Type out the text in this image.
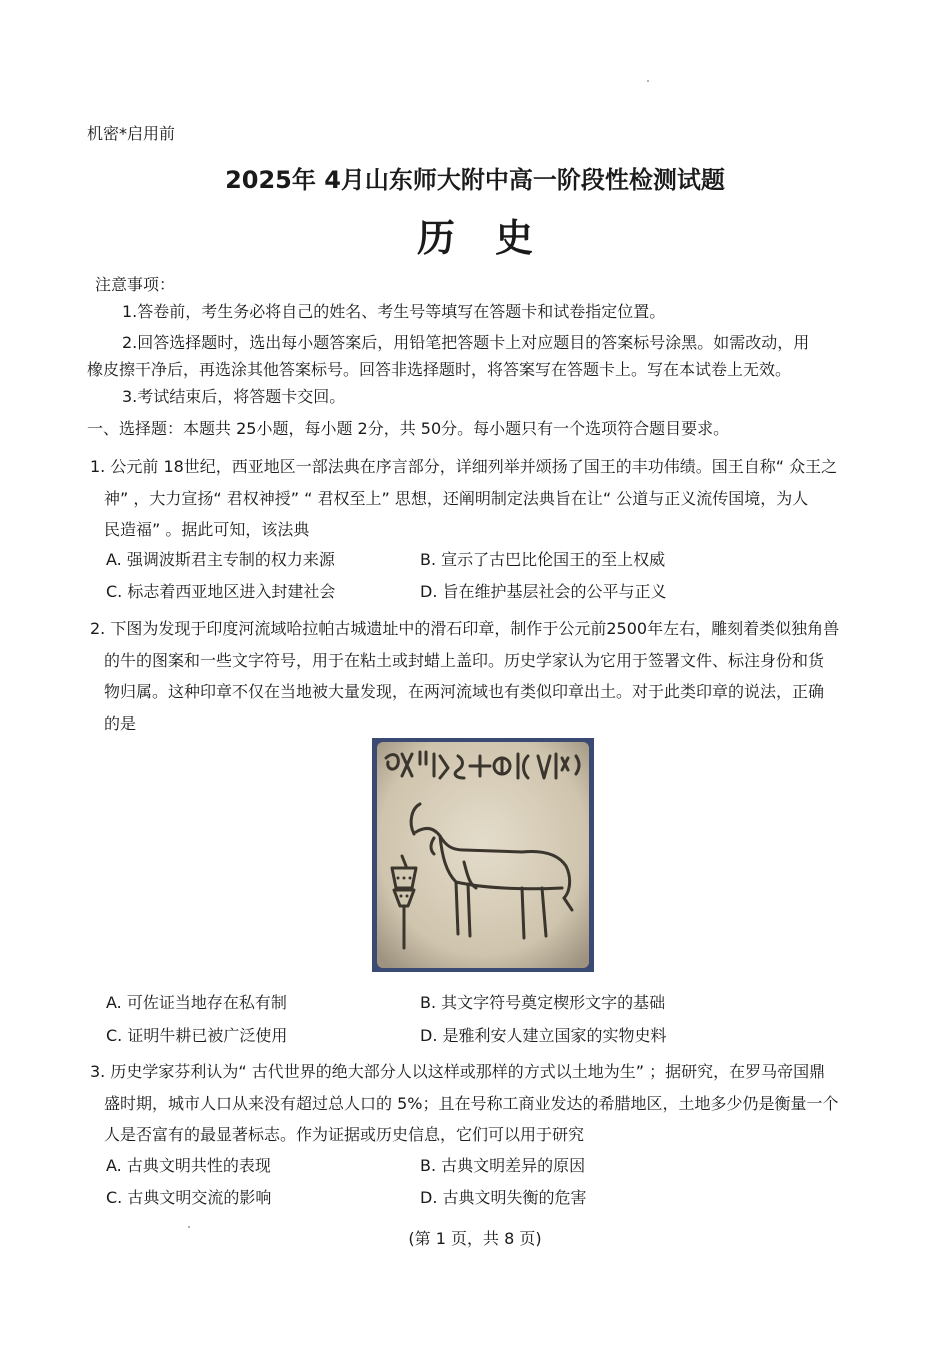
机密*启用前
2025年 4月山东师大附中高一阶段性检测试题
历史
注意事项：
1.答卷前，考生务必将自己的姓名、考生号等填写在答题卡和试卷指定位置。
2.回答选择题时，选出每小题答案后，用铅笔把答题卡上对应题目的答案标号涂黑。如需改动，用
橡皮擦干净后，再选涂其他答案标号。回答非选择题时，将答案写在答题卡上。写在本试卷上无效。
3.考试结束后，将答题卡交回。
一、选择题：本题共 25小题，每小题 2分，共 50分。每小题只有一个选项符合题目要求。
1. 公元前 18世纪，西亚地区一部法典在序言部分，详细列举并颂扬了国王的丰功伟绩。国王自称“ 众王之
神” ，大力宣扬“ 君权神授” “ 君权至上” 思想，还阐明制定法典旨在让“ 公道与正义流传国境，为人
民造福” 。据此可知，该法典
A. 强调波斯君主专制的权力来源	B. 宣示了古巴比伦国王的至上权威
C. 标志着西亚地区进入封建社会	D. 旨在维护基层社会的公平与正义
2. 下图为发现于印度河流域哈拉帕古城遗址中的滑石印章，制作于公元前2500年左右，雕刻着类似独角兽
的牛的图案和一些文字符号，用于在粘土或封蜡上盖印。历史学家认为它用于签署文件、标注身份和货
物归属。这种印章不仅在当地被大量发现，在两河流域也有类似印章出土。对于此类印章的说法，正确
的是
A. 可佐证当地存在私有制	B. 其文字符号奠定楔形文字的基础
C. 证明牛耕已被广泛使用	D. 是雅利安人建立国家的实物史料
3. 历史学家芬利认为“ 古代世界的绝大部分人以这样或那样的方式以土地为生” ；据研究，在罗马帝国鼎
盛时期，城市人口从来没有超过总人口的 5%；且在号称工商业发达的希腊地区，土地多少仍是衡量一个
人是否富有的最显著标志。作为证据或历史信息，它们可以用于研究
A. 古典文明共性的表现	B. 古典文明差异的原因
C. 古典文明交流的影响	D. 古典文明失衡的危害
(第 1 页，共 8 页)
